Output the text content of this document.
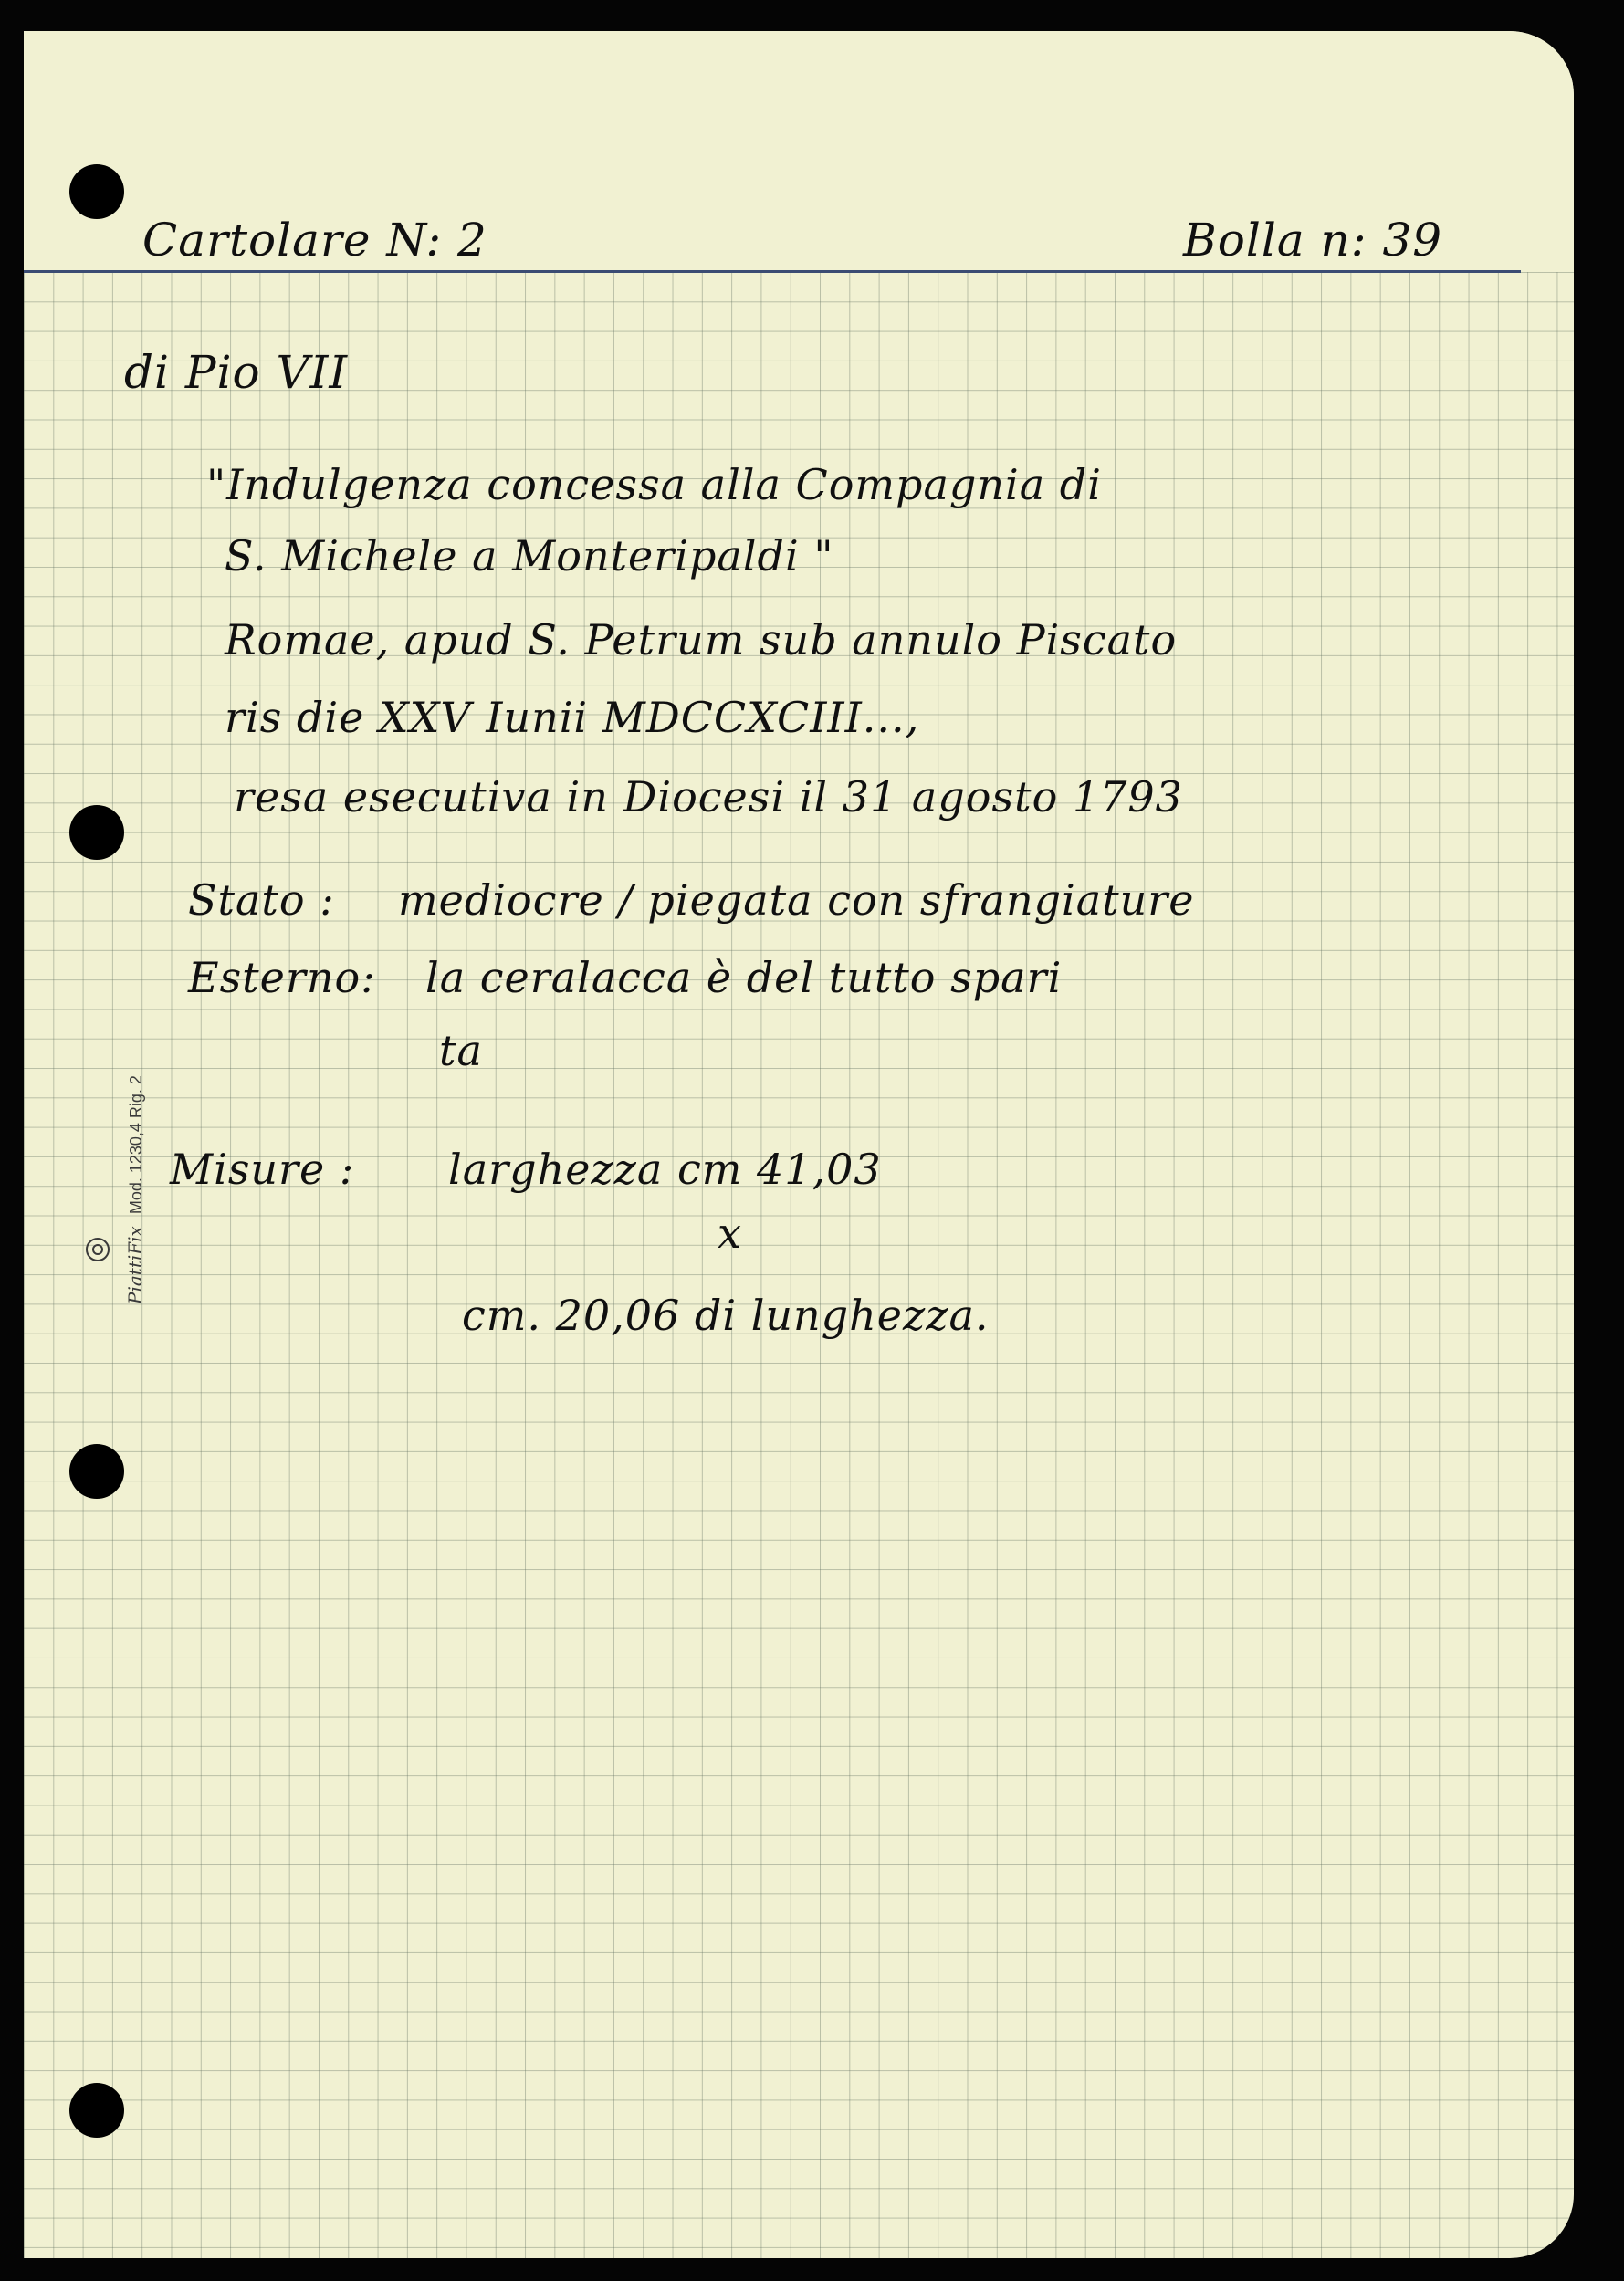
Cartolare N: 2	Bolla n: 39
di Pio VII
"Indulgenza concessa alla Compagnia di
S. Michele a Monteripaldi "
Romae, apud S. Petrum sub annulo Piscato
ris die XXV Iunii MDCCXCIII...,
resa esecutiva in Diocesi il 31 agosto 1793
Stato : mediocre / piegata con sfrangiature
Esterno: la ceralacca è del tutto spari
ta
Misure : larghezza cm 41,03
x
cm. 20,06 di lunghezza.
PiattiFix Mod. 1230,4 Rig. 2
